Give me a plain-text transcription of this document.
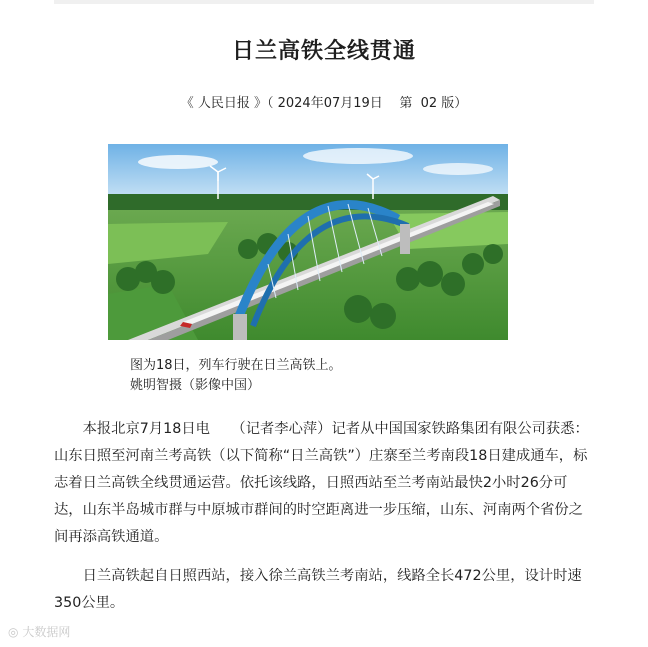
日兰高铁全线贯通
《 人民日报 》（ 2024年07月19日    第  02 版）
图为18日，列车行驶在日兰高铁上。
姚明智摄（影像中国）

本报北京7月18日电　　（记者李心萍）记者从中国国家铁路集团有限公司获悉：山东日照至河南兰考高铁（以下简称“日兰高铁”）庄寨至兰考南段18日建成通车，标志着日兰高铁全线贯通运营。依托该线路，日照西站至兰考南站最快2小时26分可达，山东半岛城市群与中原城市群间的时空距离进一步压缩，山东、河南两个省份之间再添高铁通道。

日兰高铁起自日照西站，接入徐兰高铁兰考南站，线路全长472公里，设计时速350公里。

◎ 大数据网
